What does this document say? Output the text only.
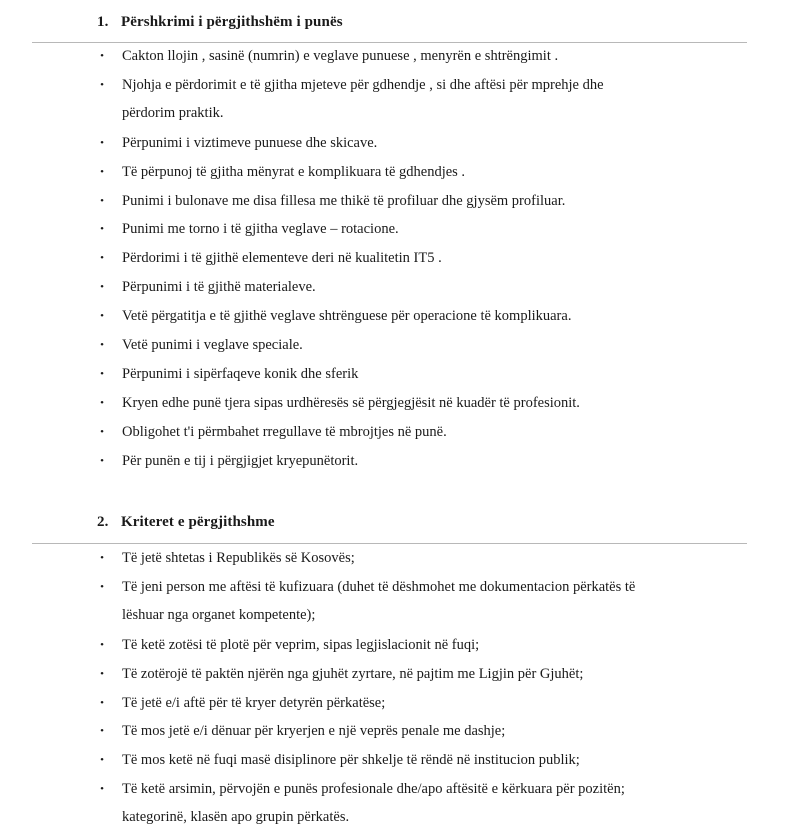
1. Përshkrimi i përgjithshëm i punës
• Cakton llojin , sasinë (numrin) e veglave punuese , menyrën e shtrëngimit .
• Njohja e përdorimit e të gjitha mjeteve për gdhendje , si dhe aftësi për mprehje dhe
përdorim praktik.
• Përpunimi i viztimeve punuese dhe skicave.
• Të përpunoj të gjitha mënyrat e komplikuara të gdhendjes .
• Punimi i bulonave me disa fillesa me thikë të profiluar dhe gjysëm profiluar.
• Punimi me torno i të gjitha veglave – rotacione.
• Përdorimi i të gjithë elementeve deri në kualitetin IT5 .
• Përpunimi i të gjithë materialeve.
• Vetë përgatitja e të gjithë veglave shtrënguese për operacione të komplikuara.
• Vetë punimi i veglave speciale.
• Përpunimi i sipërfaqeve konik dhe sferik
• Kryen edhe punë tjera sipas urdhëresës së përgjegjësit në kuadër të profesionit.
• Obligohet t'i përmbahet rregullave të mbrojtjes në punë.
• Për punën e tij i përgjigjet kryepunëtorit.
2. Kriteret e përgjithshme
• Të jetë shtetas i Republikës së Kosovës;
• Të jeni person me aftësi të kufizuara (duhet të dëshmohet me dokumentacion përkatës të
lëshuar nga organet kompetente);
• Të ketë zotësi të plotë për veprim, sipas legjislacionit në fuqi;
• Të zotërojë të paktën njërën nga gjuhët zyrtare, në pajtim me Ligjin për Gjuhët;
• Të jetë e/i aftë për të kryer detyrën përkatëse;
• Të mos jetë e/i dënuar për kryerjen e një veprës penale me dashje;
• Të mos ketë në fuqi masë disiplinore për shkelje të rëndë në institucion publik;
• Të ketë arsimin, përvojën e punës profesionale dhe/apo aftësitë e kërkuara për pozitën;
kategorinë, klasën apo grupin përkatës.
